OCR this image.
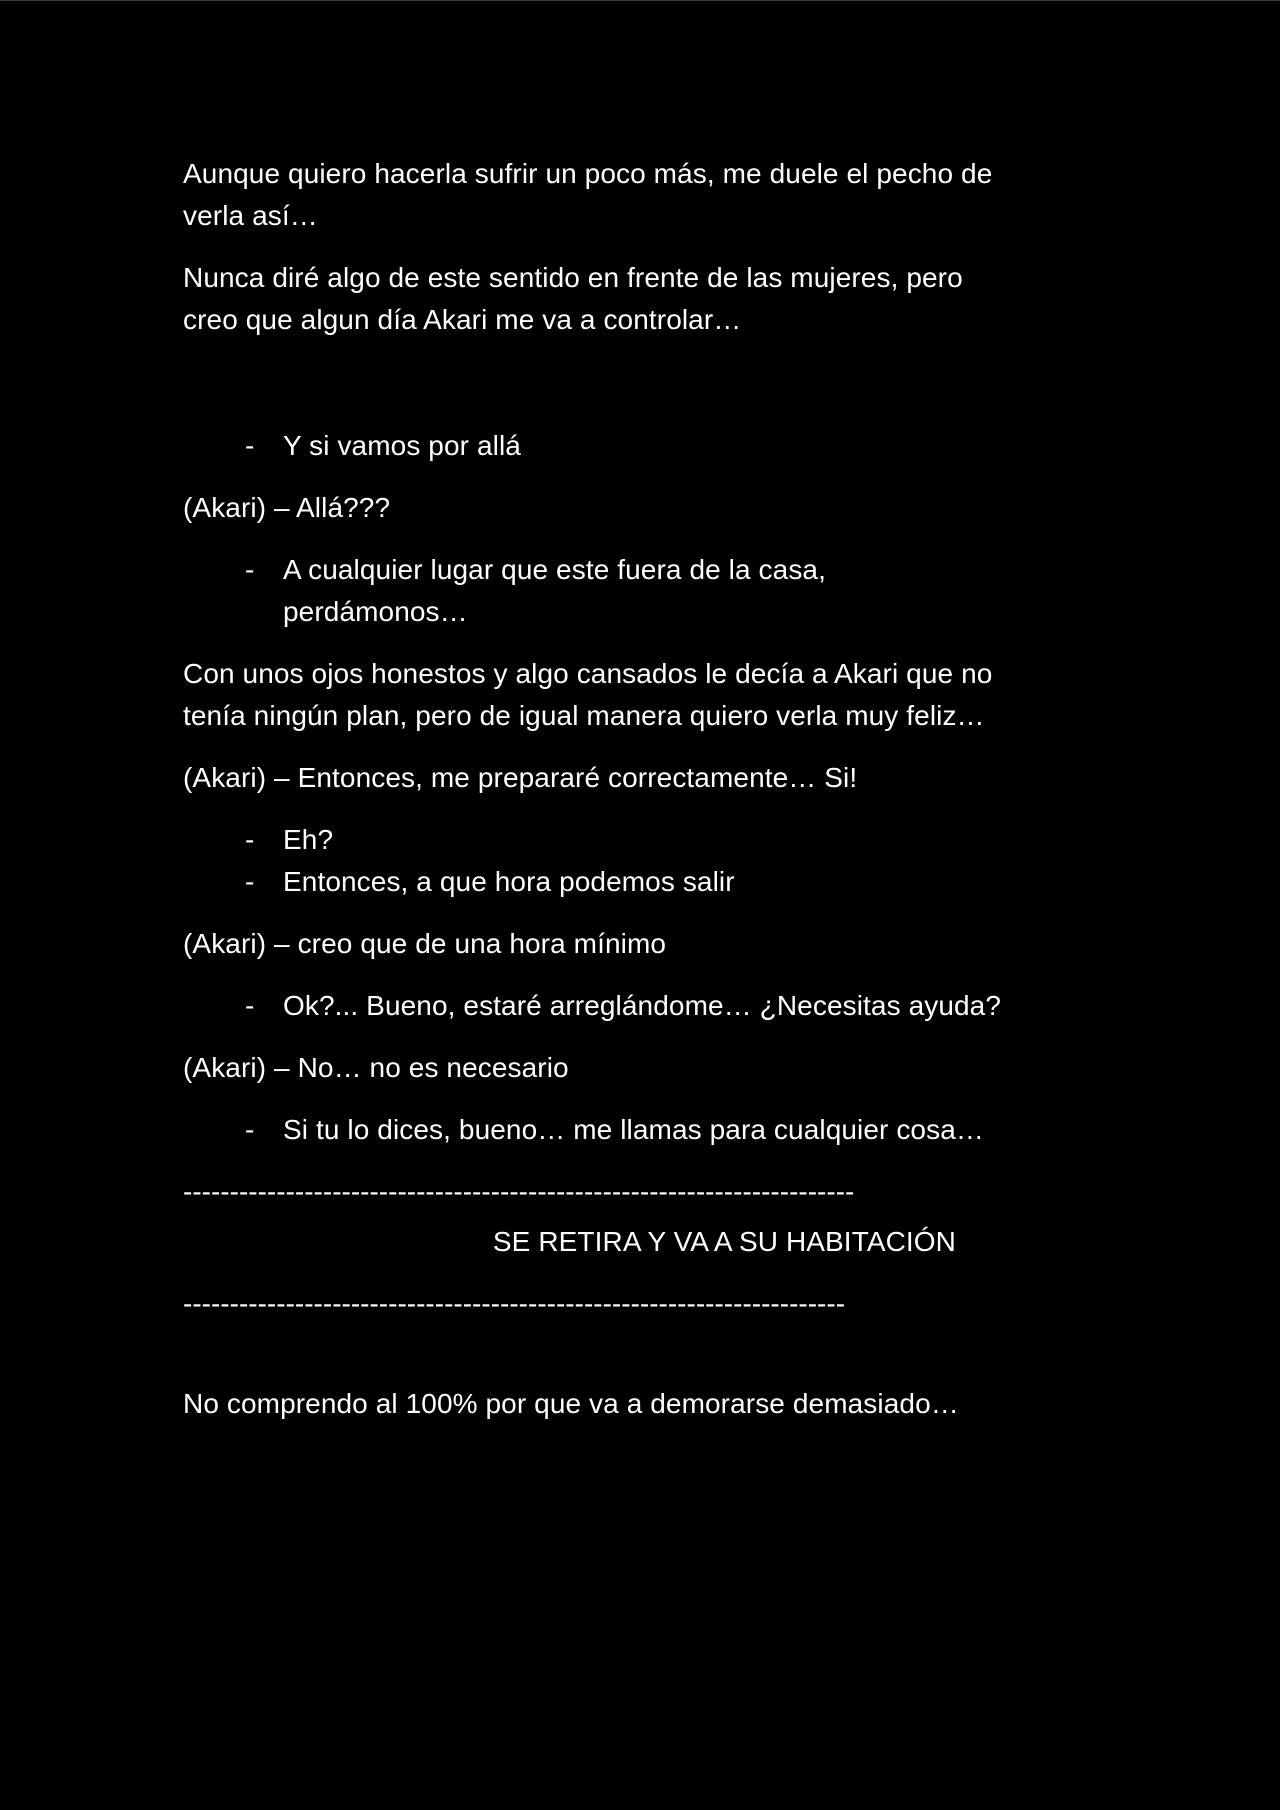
Aunque quiero hacerla sufrir un poco más, me duele el pecho de verla así…

Nunca diré algo de este sentido en frente de las mujeres, pero creo que algun día Akari me va a controlar…

- Y si vamos por allá

(Akari) – Allá???

- A cualquier lugar que este fuera de la casa, perdámonos…

Con unos ojos honestos y algo cansados le decía a Akari que no tenía ningún plan, pero de igual manera quiero verla muy feliz…

(Akari) – Entonces, me prepararé correctamente… Si!

- Eh?
- Entonces, a que hora podemos salir

(Akari) – creo que de una hora mínimo

- Ok?... Bueno, estaré arreglándome… ¿Necesitas ayuda?

(Akari) – No… no es necesario

- Si tu lo dices, bueno… me llamas para cualquier cosa…
------------------------------------------------------------------------

SE RETIRA Y VA A SU HABITACIÓN

-----------------------------------------------------------------------

No comprendo al 100% por que va a demorarse demasiado…
